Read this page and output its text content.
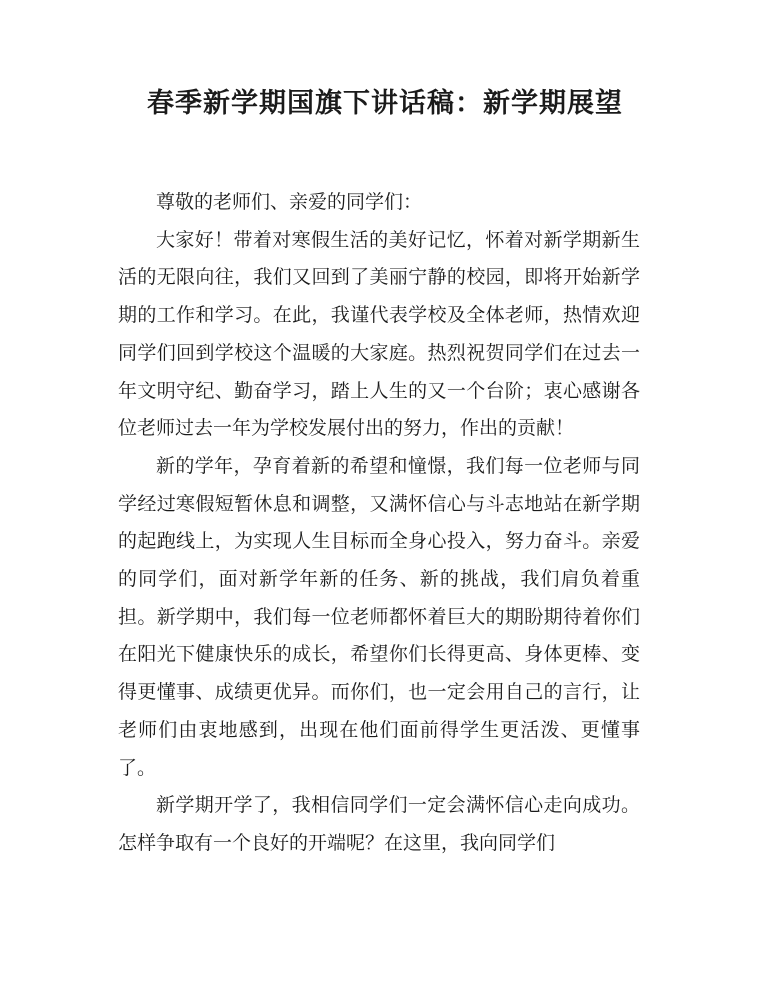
春季新学期国旗下讲话稿：新学期展望

尊敬的老师们、亲爱的同学们：

大家好！带着对寒假生活的美好记忆，怀着对新学期新生活的无限向往，我们又回到了美丽宁静的校园，即将开始新学期的工作和学习。在此，我谨代表学校及全体老师，热情欢迎同学们回到学校这个温暖的大家庭。热烈祝贺同学们在过去一年文明守纪、勤奋学习，踏上人生的又一个台阶；衷心感谢各位老师过去一年为学校发展付出的努力，作出的贡献！

新的学年，孕育着新的希望和憧憬，我们每一位老师与同学经过寒假短暂休息和调整，又满怀信心与斗志地站在新学期的起跑线上，为实现人生目标而全身心投入，努力奋斗。亲爱的同学们，面对新学年新的任务、新的挑战，我们肩负着重担。新学期中，我们每一位老师都怀着巨大的期盼期待着你们在阳光下健康快乐的成长，希望你们长得更高、身体更棒、变得更懂事、成绩更优异。而你们，也一定会用自己的言行，让老师们由衷地感到，出现在他们面前得学生更活泼、更懂事了。

新学期开学了，我相信同学们一定会满怀信心走向成功。怎样争取有一个良好的开端呢？在这里，我向同学们
